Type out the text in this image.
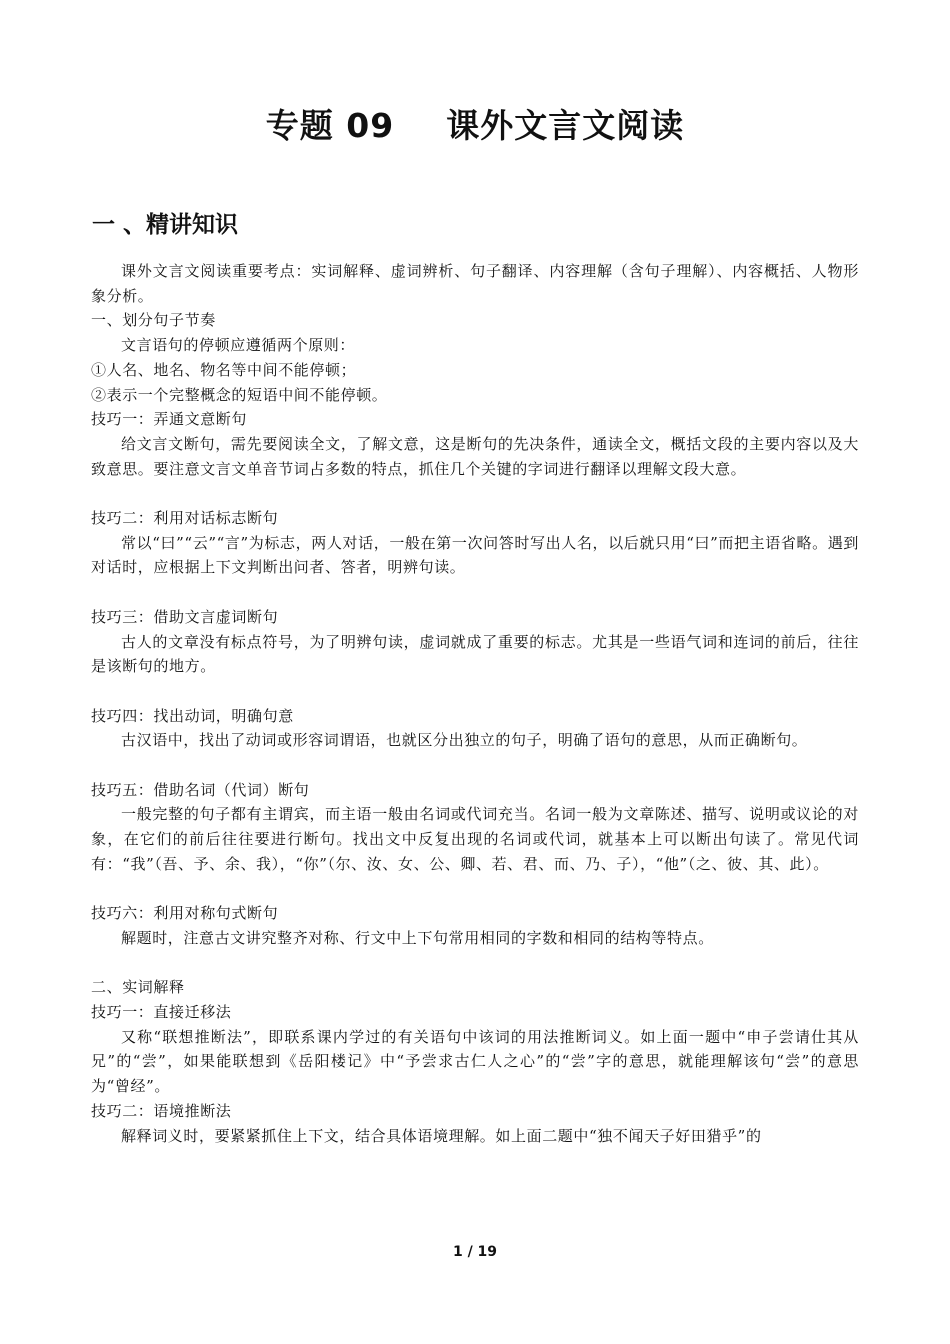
专题 09 课外文言文阅读
一 、精讲知识

课外文言文阅读重要考点：实词解释、虚词辨析、句子翻译、内容理解（含句子理解）、内容概括、人物形象分析。

一、划分句子节奏

文言语句的停顿应遵循两个原则：

①人名、地名、物名等中间不能停顿；

②表示一个完整概念的短语中间不能停顿。

技巧一：弄通文意断句

给文言文断句，需先要阅读全文，了解文意，这是断句的先决条件，通读全文，概括文段的主要内容以及大致意思。要注意文言文单音节词占多数的特点，抓住几个关键的字词进行翻译以理解文段大意。

技巧二：利用对话标志断句

常以“曰”“云”“言”为标志，两人对话，一般在第一次问答时写出人名，以后就只用“曰”而把主语省略。遇到对话时，应根据上下文判断出问者、答者，明辨句读。

技巧三：借助文言虚词断句

古人的文章没有标点符号，为了明辨句读，虚词就成了重要的标志。尤其是一些语气词和连词的前后，往往是该断句的地方。

技巧四：找出动词，明确句意

古汉语中，找出了动词或形容词谓语，也就区分出独立的句子，明确了语句的意思，从而正确断句。

技巧五：借助名词（代词）断句

一般完整的句子都有主谓宾，而主语一般由名词或代词充当。名词一般为文章陈述、描写、说明或议论的对象，在它们的前后往往要进行断句。找出文中反复出现的名词或代词，就基本上可以断出句读了。常见代词有：“我”（吾、予、余、我），“你”（尔、汝、女、公、卿、若、君、而、乃、子），“他”（之、彼、其、此）。

技巧六：利用对称句式断句

解题时，注意古文讲究整齐对称、行文中上下句常用相同的字数和相同的结构等特点。

二、实词解释

技巧一：直接迁移法

又称“联想推断法”，即联系课内学过的有关语句中该词的用法推断词义。如上面一题中“申子尝请仕其从兄”的“尝”，如果能联想到《岳阳楼记》中“予尝求古仁人之心”的“尝”字的意思，就能理解该句“尝”的意思为“曾经”。

技巧二：语境推断法

解释词义时，要紧紧抓住上下文，结合具体语境理解。如上面二题中“独不闻天子好田猎乎”的

1 / 19
